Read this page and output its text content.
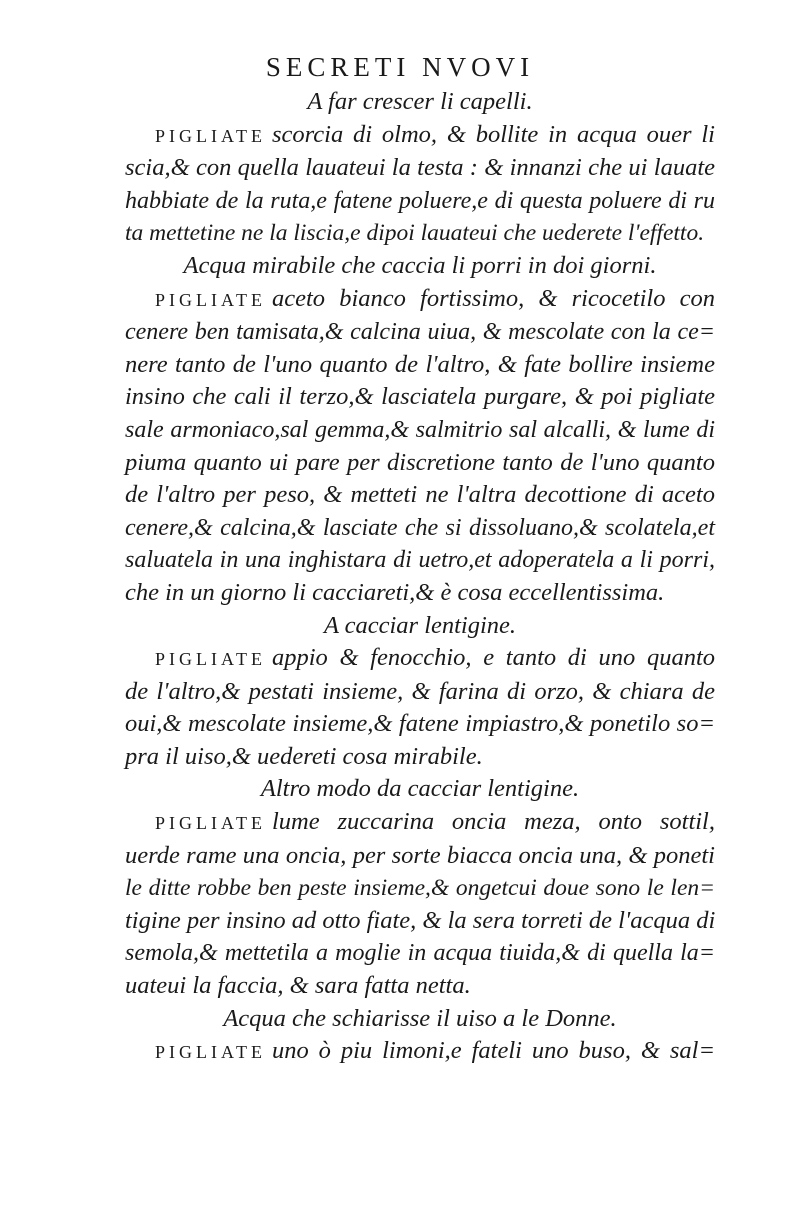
SECRETI NVOVI
A far crescer li capelli.
PIGLIATE scorcia di olmo, & bollite in acqua ouer li
scia,& con quella lauateui la testa : & innanzi che ui lauate
habbiate de la ruta,e fatene poluere,e di questa poluere di ru
ta mettetine ne la liscia,e dipoi lauateui che uederete l'effetto.
Acqua mirabile che caccia li porri in doi giorni.
PIGLIATE aceto bianco fortissimo, & ricocetilo con
cenere ben tamisata,& calcina uiua, & mescolate con la ce=
nere tanto de l'uno quanto de l'altro, & fate bollire insieme
insino che cali il terzo,& lasciatela purgare, & poi pigliate
sale armoniaco,sal gemma,& salmitrio sal alcalli, & lume di
piuma quanto ui pare per discretione tanto de l'uno quanto
de l'altro per peso, & metteti ne l'altra decottione di aceto
cenere,& calcina,& lasciate che si dissoluano,& scolatela,et
saluatela in una inghistara di uetro,et adoperatela a li porri,
che in un giorno li cacciareti,& è cosa eccellentissima.
A cacciar lentigine.
PIGLIATE appio & fenocchio, e tanto di uno quanto
de l'altro,& pestati insieme, & farina di orzo, & chiara de
oui,& mescolate insieme,& fatene impiastro,& ponetilo so=
pra il uiso,& uedereti cosa mirabile.
Altro modo da cacciar lentigine.
PIGLIATE lume zuccarina oncia meza, onto sottil,
uerde rame una oncia, per sorte biacca oncia una, & poneti
le ditte robbe ben peste insieme,& ongetcui doue sono le len=
tigine per insino ad otto fiate, & la sera torreti de l'acqua di
semola,& mettetila a moglie in acqua tiuida,& di quella la=
uateui la faccia, & sara fatta netta.
Acqua che schiarisse il uiso a le Donne.
PIGLIATE uno ò piu limoni,e fateli uno buso, & sal=
